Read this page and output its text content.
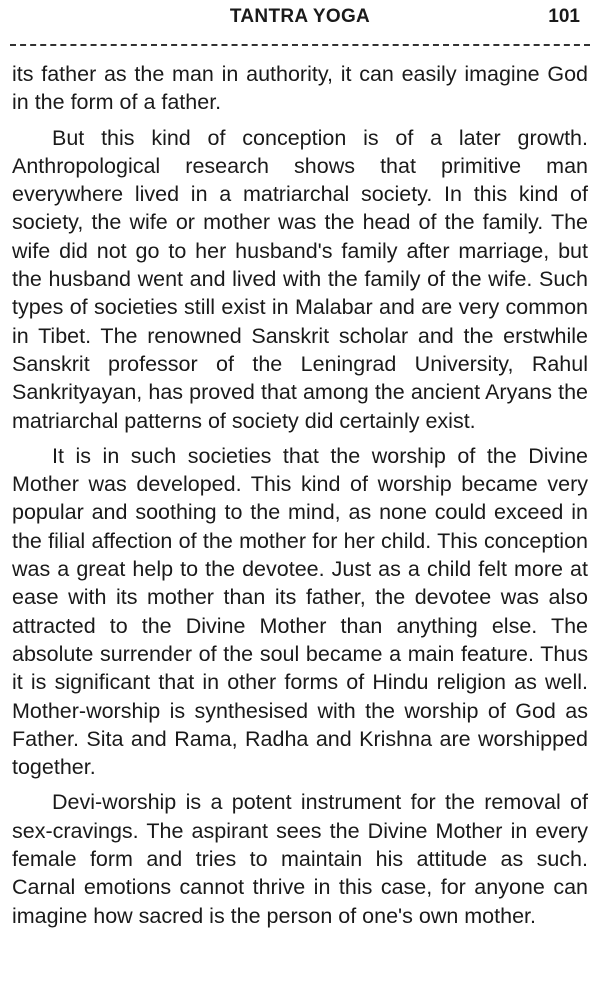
TANTRA YOGA	101

its father as the man in authority, it can easily imagine God in the form of a father.

But this kind of conception is of a later growth. Anthropological research shows that primitive man everywhere lived in a matriarchal society. In this kind of society, the wife or mother was the head of the family. The wife did not go to her husband's family after marriage, but the husband went and lived with the family of the wife. Such types of societies still exist in Malabar and are very common in Tibet. The renowned Sanskrit scholar and the erstwhile Sanskrit professor of the Leningrad University, Rahul Sankrityayan, has proved that among the ancient Aryans the matriarchal patterns of society did certainly exist.

It is in such societies that the worship of the Divine Mother was developed. This kind of worship became very popular and soothing to the mind, as none could exceed in the filial affection of the mother for her child. This conception was a great help to the devotee. Just as a child felt more at ease with its mother than its father, the devotee was also attracted to the Divine Mother than anything else. The absolute surrender of the soul became a main feature. Thus it is significant that in other forms of Hindu religion as well. Mother-worship is synthesised with the worship of God as Father. Sita and Rama, Radha and Krishna are worshipped together.

Devi-worship is a potent instrument for the removal of sex-cravings. The aspirant sees the Divine Mother in every female form and tries to maintain his attitude as such. Carnal emotions cannot thrive in this case, for anyone can imagine how sacred is the person of one's own mother.
